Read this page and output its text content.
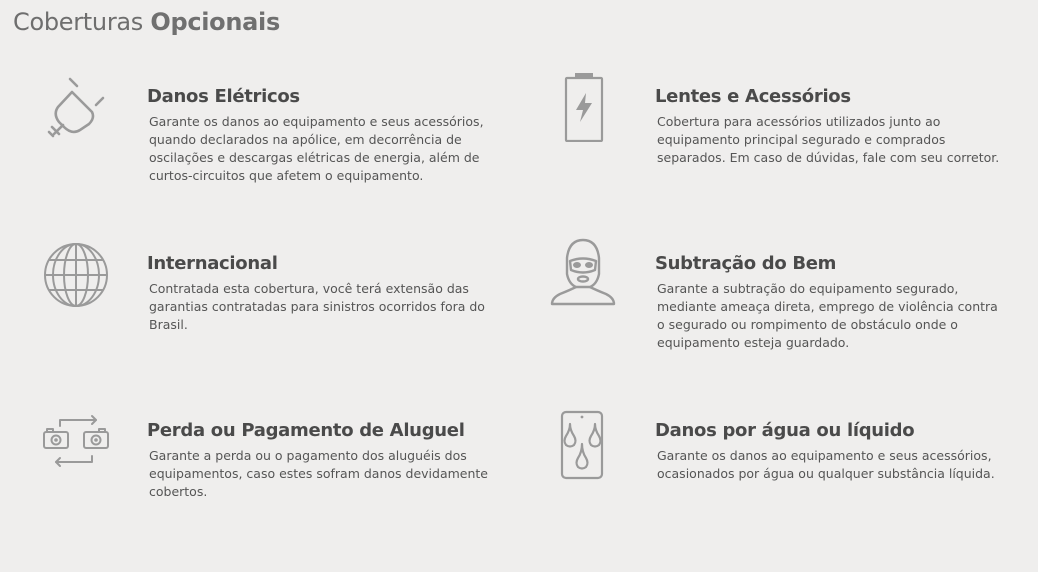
Coberturas Opcionais
Danos Elétricos

Garante os danos ao equipamento e seus acessórios, quando declarados na apólice, em decorrência de oscilações e descargas elétricas de energia, além de curtos-circuitos que afetem o equipamento.

Lentes e Acessórios

Cobertura para acessórios utilizados junto ao equipamento principal segurado e comprados separados. Em caso de dúvidas, fale com seu corretor.

Internacional

Contratada esta cobertura, você terá extensão das garantias contratadas para sinistros ocorridos fora do Brasil.

Subtração do Bem

Garante a subtração do equipamento segurado, mediante ameaça direta, emprego de violência contra o segurado ou rompimento de obstáculo onde o equipamento esteja guardado.

Perda ou Pagamento de Aluguel

Garante a perda ou o pagamento dos aluguéis dos equipamentos, caso estes sofram danos devidamente cobertos.

Danos por água ou líquido

Garante os danos ao equipamento e seus acessórios, ocasionados por água ou qualquer substância líquida.
